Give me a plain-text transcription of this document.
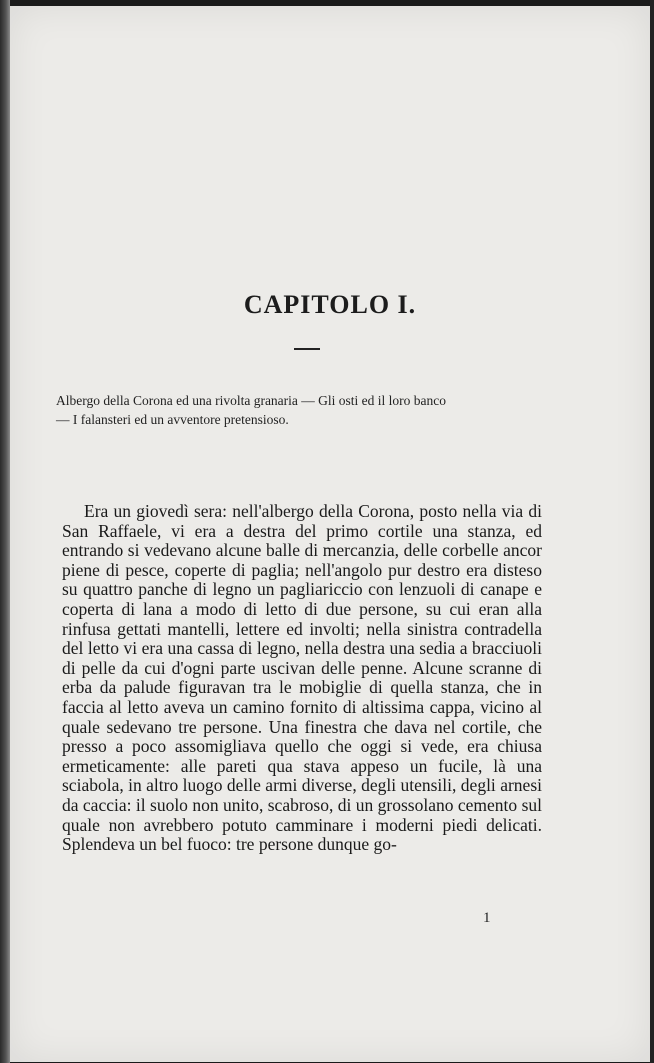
CAPITOLO I.

Albergo della Corona ed una rivolta granaria — Gli osti ed il loro banco
— I falansteri ed un avventore pretensioso.

Era un giovedì sera: nell'albergo della Corona, posto nella via di San Raffaele, vi era a destra del primo cortile una stanza, ed entrando si vedevano alcune balle di mercanzia, delle corbelle ancor piene di pesce, coperte di paglia; nell'angolo pur destro era disteso su quattro panche di legno un pagliariccio con lenzuoli di canape e coperta di lana a modo di letto di due persone, su cui eran alla rinfusa gettati mantelli, lettere ed involti; nella sinistra contradella del letto vi era una cassa di legno, nella destra una sedia a bracciuoli di pelle da cui d'ogni parte uscivan delle penne. Alcune scranne di erba da palude figuravan tra le mobiglie di quella stanza, che in faccia al letto aveva un camino fornito di altissima cappa, vicino al quale sedevano tre persone. Una finestra che dava nel cortile, che presso a poco assomigliava quello che oggi si vede, era chiusa ermeticamente: alle pareti qua stava appeso un fucile, là una sciabola, in altro luogo delle armi diverse, degli utensili, degli arnesi da caccia: il suolo non unito, scabroso, di un grossolano cemento sul quale non avrebbero potuto camminare i moderni piedi delicati. Splendeva un bel fuoco: tre persone dunque go-

1
